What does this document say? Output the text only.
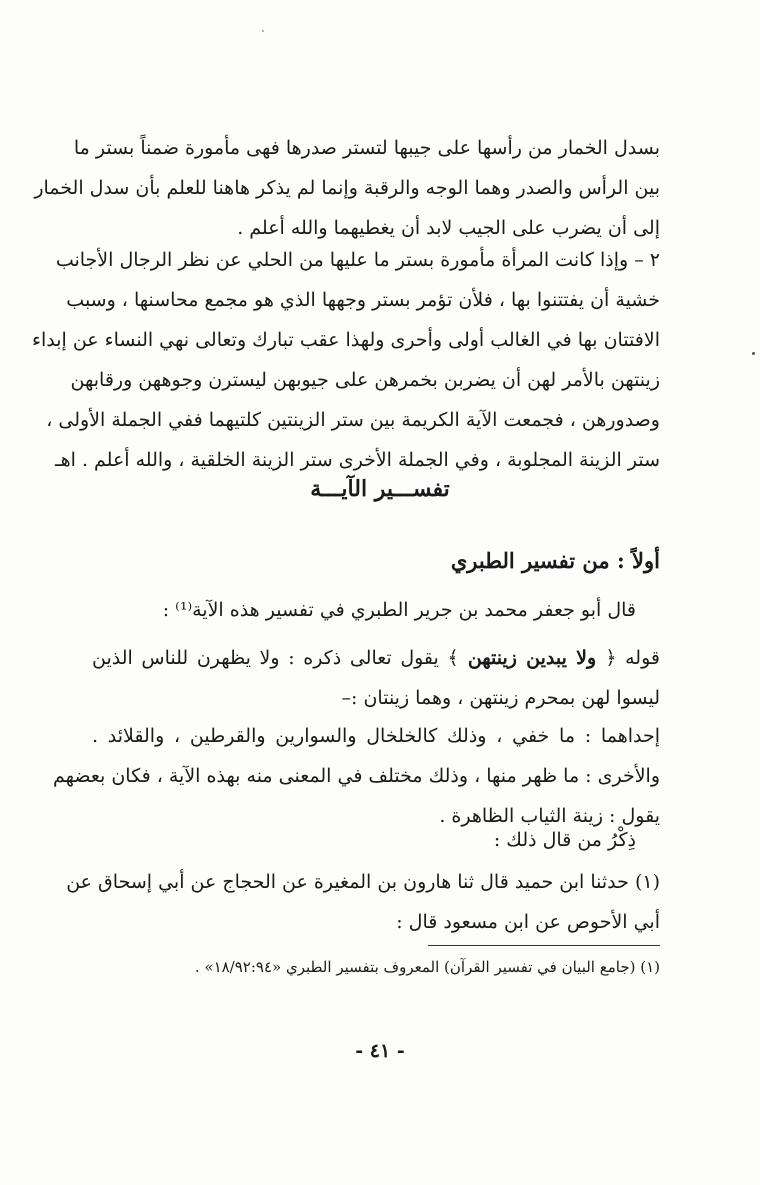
بسدل الخمار من رأسها على جيبها لتستر صدرها فهى مأمورة ضمناً بستر ما
بين الرأس والصدر وهما الوجه والرقبة وإنما لم يذكر هاهنا للعلم بأن سدل الخمار
إلى أن يضرب على الجيب لابد أن يغطيهما والله أعلم .
٢ – وإذا كانت المرأة مأمورة بستر ما عليها من الحلي عن نظر الرجال الأجانب
خشية أن يفتتنوا بها ، فلأن تؤمر بستر وجهها الذي هو مجمع محاسنها ، وسبب
الافتتان بها في الغالب أولى وأحرى ولهذا عقب تبارك وتعالى نهي النساء عن إبداء
زينتهن بالأمر لهن أن يضربن بخمرهن على جيوبهن ليسترن وجوههن ورقابهن
وصدورهن ، فجمعت الآية الكريمة بين ستر الزينتين كلتيهما ففي الجملة الأولى ،
ستر الزينة المجلوبة ، وفي الجملة الأخرى ستر الزينة الخلقية ، والله أعلم . اهـ
تفســـير الآيـــة
أولاً : من تفسير الطبري
قال أبو جعفر محمد بن جرير الطبري في تفسير هذه الآية⁽¹⁾ :
قوله ﴿ ولا يبدين زينتهن ﴾ يقول تعالى ذكره : ولا يظهرن للناس الذين
ليسوا لهن بمحرم زينتهن ، وهما زينتان :–
إحداهما : ما خفي ، وذلك كالخلخال والسوارين والقرطين ، والقلائد .
والأخرى : ما ظهر منها ، وذلك مختلف في المعنى منه بهذه الآية ، فكان بعضهم
يقول : زينة الثياب الظاهرة .
ذِكْرُ من قال ذلك :
(١) حدثنا ابن حميد قال ثنا هارون بن المغيرة عن الحجاج عن أبي إسحاق عن
أبي الأحوص عن ابن مسعود قال :
(١) (جامع البيان في تفسير القرآن) المعروف بتفسير الطبري «١٨/٩٢:٩٤» .
- ٤١ -
